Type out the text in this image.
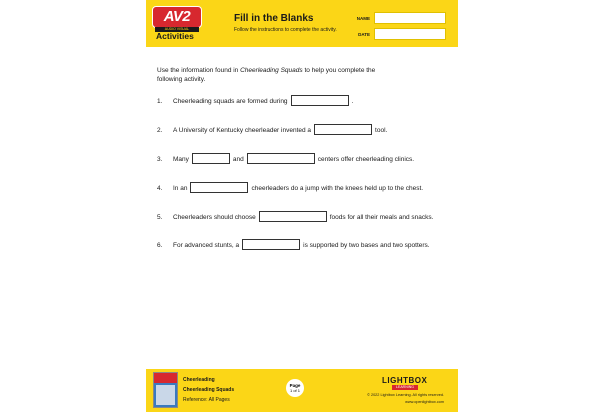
AV2
AUDIO VISUAL
Activities
Fill in the Blanks
Follow the instructions to complete the activity.
NAME
DATE
Use the information found in Cheerleading Squads to help you complete the following activity.
1. Cheerleading squads are formed during	.
2. A University of Kentucky cheerleader invented a	tool.
3. Many	and	centers offer cheerleading clinics.
4. In an	cheerleaders do a jump with the knees held up to the chest.
5. Cheerleaders should choose	foods for all their meals and snacks.
6. For advanced stunts, a	is supported by two bases and two spotters.
Cheerleading
Cheerleading Squads
Reference: All Pages
Page
1 of 1
LIGHTBOX
LEARNING
© 2022 Lightbox Learning. All rights reserved.
www.openlightbox.com
